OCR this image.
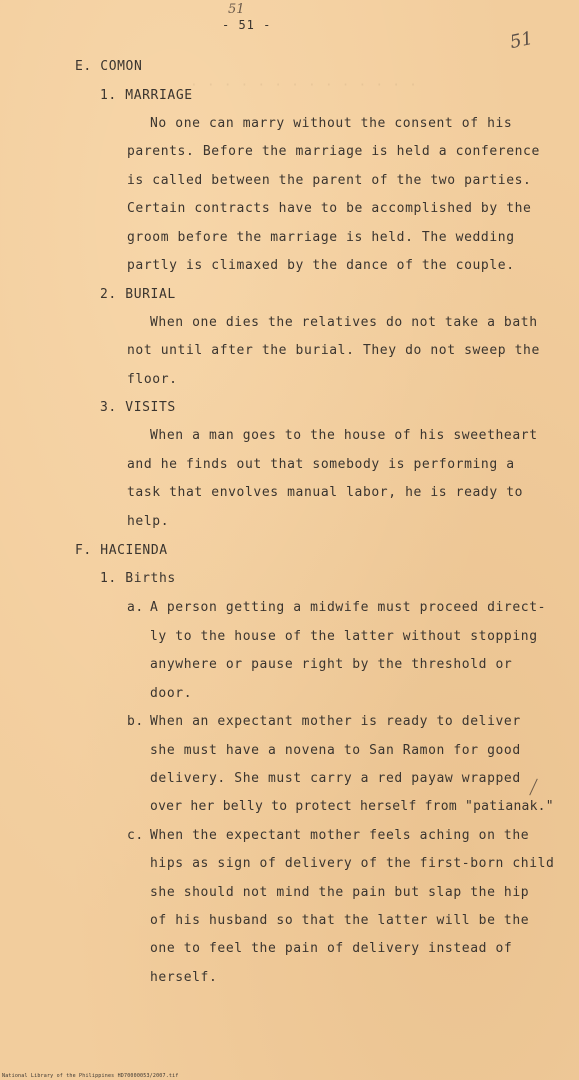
51
- 51 -
51
· · · · · · · · · · · · · ·
E. COMON
1. MARRIAGE
No one can marry without the consent of his
parents. Before the marriage is held a conference
is called between the parent of the two parties.
Certain contracts have to be accomplished by the
groom before the marriage is held. The wedding
partly is climaxed by the dance of the couple.
2. BURIAL
When one dies the relatives do not take a bath
not until after the burial. They do not sweep the
floor.
3. VISITS
When a man goes to the house of his sweetheart
and he finds out that somebody is performing a
task that envolves manual labor, he is ready to
help.
F. HACIENDA
1. Births
a. A person getting a midwife must proceed direct-
ly to the house of the latter without stopping
anywhere or pause right by the threshold or
door.
b. When an expectant mother is ready to deliver
she must have a novena to San Ramon for good
delivery. She must carry a red payaw wrapped
over her belly to protect herself from "patianak."
c. When the expectant mother feels aching on the
hips as sign of delivery of the first-born child
she should not mind the pain but slap the hip
of his husband so that the latter will be the
one to feel the pain of delivery instead of
herself.
National Library of the Philippines HD70000053/2007.tif
